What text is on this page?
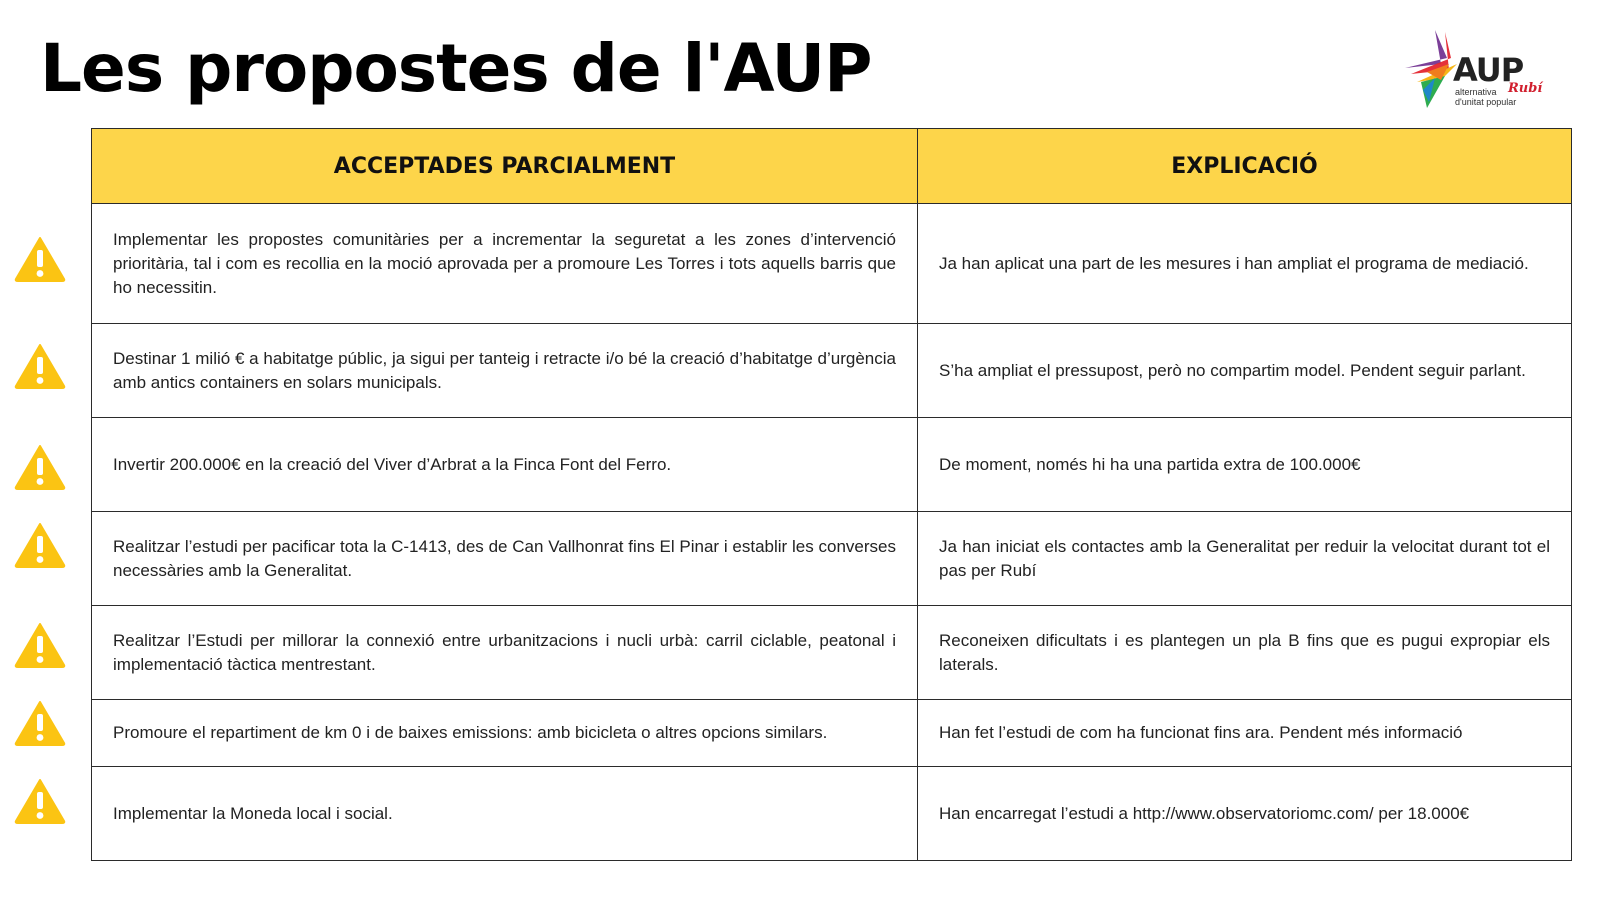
Les propostes de l'AUP	AUP
Rubí
alternativa
d'unitat popular
ACCEPTADES PARCIALMENT	EXPLICACIÓ
Implementar les propostes comunitàries per a incrementar la seguretat a les zones d’intervenció prioritària, tal i com es recollia en la moció aprovada per a promoure Les Torres i tots aquells barris que ho necessitin.	Ja han aplicat una part de les mesures i han ampliat el programa de mediació.
Destinar 1 milió € a habitatge públic, ja sigui per tanteig i retracte i/o bé la creació d’habitatge d’urgència amb antics containers en solars municipals.	S’ha ampliat el pressupost, però no compartim model. Pendent seguir parlant.
Invertir 200.000€ en la creació del Viver d’Arbrat a la Finca Font del Ferro.	De moment, només hi ha una partida extra de 100.000€
Realitzar l’estudi per pacificar tota la C-1413, des de Can Vallhonrat fins El Pinar i establir les converses necessàries amb la Generalitat.	Ja han iniciat els contactes amb la Generalitat per reduir la velocitat durant tot el pas per Rubí
Realitzar l’Estudi per millorar la connexió entre urbanitzacions i nucli urbà: carril ciclable, peatonal i implementació tàctica mentrestant.	Reconeixen dificultats i es plantegen un pla B fins que es pugui expropiar els laterals.
Promoure el repartiment de km 0 i de baixes emissions: amb bicicleta o altres opcions similars.	Han fet l’estudi de com ha funcionat fins ara. Pendent més informació
Implementar la Moneda local i social.	Han encarregat l’estudi a http://www.observatoriomc.com/ per 18.000€
